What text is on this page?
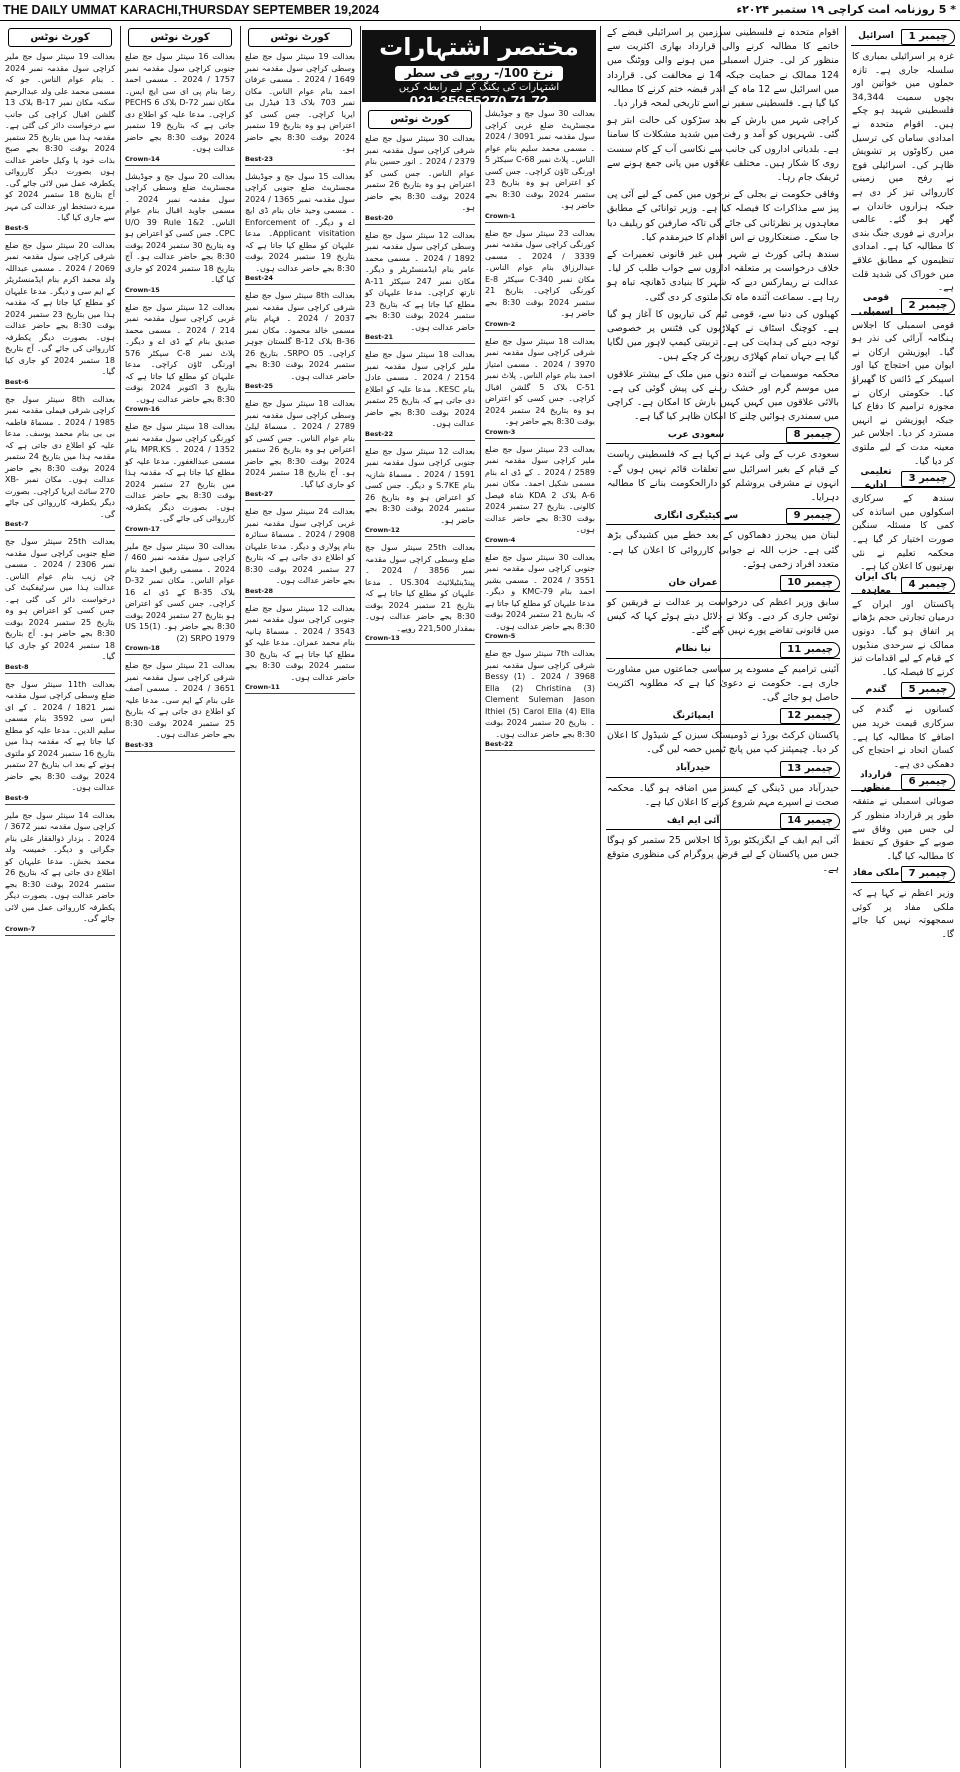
THE DAILY UMMAT KARACHI,THURSDAY SEPTEMBER 19,2024	* 5 روزنامہ امت کراچی ۱۹ ستمبر ۲۰۲۴ء
کورٹ نوٹس

بعدالت 19 سینئر سول جج ملیر کراچی سول مقدمہ نمبر 2024 ۔ بنام عوام الناس۔ جو کہ مسمی محمد علی ولد عبدالرحیم سکنہ مکان نمبر B-17 بلاک 13 گلشن اقبال کراچی کی جانب سے درخواست دائر کی گئی ہے۔ مقدمہ ہذا میں بتاریخ 25 ستمبر 2024 بوقت 8:30 بجے صبح بذات خود یا وکیل حاضر عدالت ہوں بصورت دیگر کارروائی یکطرفہ عمل میں لائی جائے گی۔ آج بتاریخ 18 ستمبر 2024 کو میرے دستخط اور عدالت کی مہر سے جاری کیا گیا۔

Best-5

بعدالت 20 سینئر سول جج ضلع شرقی کراچی سول مقدمہ نمبر 2069 / 2024 ۔ مسمی عبداللہ ولد محمد اکرم بنام ایڈمنسٹریٹر کے ایم سی و دیگر۔ مدعا علیہان کو مطلع کیا جاتا ہے کہ مقدمہ ہذا میں بتاریخ 23 ستمبر 2024 بوقت 8:30 بجے حاضر عدالت ہوں۔ بصورت دیگر یکطرفہ کارروائی کی جائے گی۔ آج بتاریخ 18 ستمبر 2024 کو جاری کیا گیا۔

Best-6

بعدالت 8th سینئر سول جج کراچی شرقی فیملی مقدمہ نمبر 1985 / 2024 ۔ مسماۃ فاطمہ بی بی بنام محمد یوسف۔ مدعا علیہ کو اطلاع دی جاتی ہے کہ مقدمہ ہذا میں بتاریخ 24 ستمبر 2024 بوقت 8:30 بجے حاضر عدالت ہوں۔ مکان نمبر XB-270 سائٹ ایریا کراچی۔ بصورت دیگر یکطرفہ کارروائی کی جائے گی۔

Best-7

بعدالت 25th سینئر سول جج ضلع جنوبی کراچی سول مقدمہ نمبر 2306 / 2024 ۔ مسمی چن زیب بنام عوام الناس۔ عدالت ہذا میں سرٹیفکیٹ کی درخواست دائر کی گئی ہے۔ جس کسی کو اعتراض ہو وہ بتاریخ 25 ستمبر 2024 بوقت 8:30 بجے حاضر ہو۔ آج بتاریخ 18 ستمبر 2024 کو جاری کیا گیا۔

Best-8

بعدالت 11th سینئر سول جج ضلع وسطی کراچی سول مقدمہ نمبر 1821 / 2024 ۔ کے ای ایس سی 3592 بنام مسمی سلیم الدین۔ مدعا علیہ کو مطلع کیا جاتا ہے کہ مقدمہ ہذا میں بتاریخ 16 ستمبر 2024 کو ملتوی ہونے کے بعد اب بتاریخ 27 ستمبر 2024 بوقت 8:30 بجے حاضر عدالت ہوں۔

Best-9

بعدالت 14 سینئر سول جج ملیر کراچی سول مقدمہ نمبر 3672 / 2024 ۔ بزدار ذوالفقار علی بنام جگرانی و دیگر۔ خمیسہ ولد محمد بخش۔ مدعا علیہان کو اطلاع دی جاتی ہے کہ بتاریخ 26 ستمبر 2024 بوقت 8:30 بجے حاضر عدالت ہوں۔ بصورت دیگر یکطرفہ کارروائی عمل میں لائی جائے گی۔

Crown-7
کورٹ نوٹس

بعدالت 16 سینئر سول جج ضلع جنوبی کراچی سول مقدمہ نمبر 1757 / 2024 ۔ مسمی احمد رضا بنام پی ای سی ایچ ایس۔ مکان نمبر 72-D بلاک 6 PECHS کراچی۔ مدعا علیہ کو اطلاع دی جاتی ہے کہ بتاریخ 19 ستمبر 2024 بوقت 8:30 بجے حاضر عدالت ہوں۔

Crown-14

بعدالت 20 سول جج و جوڈیشل مجسٹریٹ ضلع وسطی کراچی سول مقدمہ نمبر 2024 ۔ مسمی جاوید اقبال بنام عوام الناس۔ U/O 39 Rule 1&2 CPC۔ جس کسی کو اعتراض ہو وہ بتاریخ 30 ستمبر 2024 بوقت 8:30 بجے حاضر عدالت ہو۔ آج بتاریخ 18 ستمبر 2024 کو جاری کیا گیا۔

Crown-15

بعدالت 12 سینئر سول جج ضلع غربی کراچی سول مقدمہ نمبر 214 / 2024 ۔ مسمی محمد صدیق بنام کے ڈی اے و دیگر۔ پلاٹ نمبر C-8 سیکٹر 576 اورنگی ٹاؤن کراچی۔ مدعا علیہان کو مطلع کیا جاتا ہے کہ بتاریخ 3 اکتوبر 2024 بوقت 8:30 بجے حاضر عدالت ہوں۔

Crown-16

بعدالت 18 سینئر سول جج ضلع کورنگی کراچی سول مقدمہ نمبر 1352 / 2024 ۔ MPR.KS بنام مسمی عبدالغفور۔ مدعا علیہ کو مطلع کیا جاتا ہے کہ مقدمہ ہذا میں بتاریخ 27 ستمبر 2024 بوقت 8:30 بجے حاضر عدالت ہوں۔ بصورت دیگر یکطرفہ کارروائی کی جائے گی۔

Crown-17

بعدالت 30 سینئر سول جج ملیر کراچی سول مقدمہ نمبر 460 / 2024 ۔ مسمی رفیق احمد بنام عوام الناس۔ مکان نمبر 32-D بلاک B-35 کے ڈی اے 16 کراچی۔ جس کسی کو اعتراض ہو بتاریخ 27 ستمبر 2024 بوقت 8:30 بجے حاضر ہو۔ US 15(1)(2) SRPO 1979

Crown-18

بعدالت 21 سینئر سول جج ضلع شرقی کراچی سول مقدمہ نمبر 3651 / 2024 ۔ مسمی آصف علی بنام کے ایم سی۔ مدعا علیہ کو اطلاع دی جاتی ہے کہ بتاریخ 25 ستمبر 2024 بوقت 8:30 بجے حاضر عدالت ہوں۔

Best-33
کورٹ نوٹس

بعدالت 19 سینئر سول جج ضلع وسطی کراچی سول مقدمہ نمبر 1649 / 2024 ۔ مسمی عرفان احمد بنام عوام الناس۔ مکان نمبر 703 بلاک 13 فیڈرل بی ایریا کراچی۔ جس کسی کو اعتراض ہو وہ بتاریخ 19 ستمبر 2024 بوقت 8:30 بجے حاضر ہو۔

Best-23

بعدالت 15 سول جج و جوڈیشل مجسٹریٹ ضلع جنوبی کراچی سول مقدمہ نمبر 1365 / 2024 ۔ مسمی وحید خان بنام ڈی ایچ اے و دیگر۔ Enforcement of Applicant visitation۔ مدعا علیہان کو مطلع کیا جاتا ہے کہ بتاریخ 19 ستمبر 2024 بوقت 8:30 بجے حاضر عدالت ہوں۔

Best-24

بعدالت 8th سینئر سول جج ضلع شرقی کراچی سول مقدمہ نمبر 2037 / 2024 ۔ فہام بنام مسمی خالد محمود۔ مکان نمبر 36-B بلاک B-12 گلستان جوہر کراچی۔ SRPO 05۔ بتاریخ 26 ستمبر 2024 بوقت 8:30 بجے حاضر عدالت ہوں۔

Best-25

بعدالت 18 سینئر سول جج ضلع وسطی کراچی سول مقدمہ نمبر 2789 / 2024 ۔ مسماۃ لیلیٰ بنام عوام الناس۔ جس کسی کو اعتراض ہو وہ بتاریخ 26 ستمبر 2024 بوقت 8:30 بجے حاضر ہو۔ آج بتاریخ 18 ستمبر 2024 کو جاری کیا گیا۔

Best-27

بعدالت 24 سینئر سول جج ضلع غربی کراچی سول مقدمہ نمبر 2908 / 2024 ۔ مسماۃ سنائرہ بنام پولاری و دیگر۔ مدعا علیہان کو اطلاع دی جاتی ہے کہ بتاریخ 27 ستمبر 2024 بوقت 8:30 بجے حاضر عدالت ہوں۔

Best-28

بعدالت 12 سینئر سول جج ضلع جنوبی کراچی سول مقدمہ نمبر 3543 / 2024 ۔ مسماۃ ہانیہ بنام محمد عمران۔ مدعا علیہ کو مطلع کیا جاتا ہے کہ بتاریخ 30 ستمبر 2024 بوقت 8:30 بجے حاضر عدالت ہوں۔

Crown-11
کورٹ نوٹس

بعدالت 30 سینئر سول جج ضلع شرقی کراچی سول مقدمہ نمبر 2379 / 2024 ۔ انور حسین بنام عوام الناس۔ جس کسی کو اعتراض ہو وہ بتاریخ 26 ستمبر 2024 بوقت 8:30 بجے حاضر ہو۔

Best-20

بعدالت 12 سینئر سول جج ضلع وسطی کراچی سول مقدمہ نمبر 1892 / 2024 ۔ مسمی محمد عامر بنام ایڈمنسٹریٹر و دیگر۔ مکان نمبر 247 سیکٹر 11-A نارتھ کراچی۔ مدعا علیہان کو مطلع کیا جاتا ہے کہ بتاریخ 23 ستمبر 2024 بوقت 8:30 بجے حاضر عدالت ہوں۔

Best-21

بعدالت 18 سینئر سول جج ضلع ملیر کراچی سول مقدمہ نمبر 2154 / 2024 ۔ مسمی عادل بنام KESC۔ مدعا علیہ کو اطلاع دی جاتی ہے کہ بتاریخ 25 ستمبر 2024 بوقت 8:30 بجے حاضر عدالت ہوں۔

Best-22

بعدالت 12 سینئر سول جج ضلع جنوبی کراچی سول مقدمہ نمبر 1591 / 2024 ۔ مسماۃ شازیہ بنام S.7KE و دیگر۔ جس کسی کو اعتراض ہو وہ بتاریخ 26 ستمبر 2024 بوقت 8:30 بجے حاضر ہو۔

Crown-12

بعدالت 25th سینئر سول جج ضلع وسطی کراچی سول مقدمہ نمبر 3856 / 2024 ۔ پینڈینٹیلائیٹ US.304 ۔ مدعا علیہان کو مطلع کیا جاتا ہے کہ بتاریخ 21 ستمبر 2024 بوقت 8:30 بجے حاضر عدالت ہوں۔ بمقدار 221,500 روپے۔

Crown-13

بعدالت 30 سول جج و جوڈیشل مجسٹریٹ ضلع غربی کراچی سول مقدمہ نمبر 3091 / 2024 ۔ مسمی محمد سلیم بنام عوام الناس۔ پلاٹ نمبر C-68 سیکٹر 5 اورنگی ٹاؤن کراچی۔ جس کسی کو اعتراض ہو وہ بتاریخ 23 ستمبر 2024 بوقت 8:30 بجے حاضر ہو۔

Crown-1

بعدالت 23 سینئر سول جج ضلع کورنگی کراچی سول مقدمہ نمبر 3339 / 2024 ۔ مسمی عبدالرزاق بنام عوام الناس۔ مکان نمبر C-340 سیکٹر 8-E کورنگی کراچی۔ بتاریخ 21 ستمبر 2024 بوقت 8:30 بجے حاضر ہو۔

Crown-2

بعدالت 18 سینئر سول جج ضلع شرقی کراچی سول مقدمہ نمبر 3970 / 2024 ۔ مسمی امتیاز احمد بنام عوام الناس۔ پلاٹ نمبر 51-C بلاک 5 گلشن اقبال کراچی۔ جس کسی کو اعتراض ہو وہ بتاریخ 24 ستمبر 2024 بوقت 8:30 بجے حاضر ہو۔

Crown-3

بعدالت 23 سینئر سول جج ضلع ملیر کراچی سول مقدمہ نمبر 2589 / 2024 ۔ کے ڈی اے بنام مسمی شکیل احمد۔ مکان نمبر A-6 بلاک 2 KDA شاہ فیصل کالونی۔ بتاریخ 27 ستمبر 2024 بوقت 8:30 بجے حاضر عدالت ہوں۔

Crown-4

بعدالت 30 سینئر سول جج ضلع جنوبی کراچی سول مقدمہ نمبر 3551 / 2024 ۔ مسمی بشیر احمد بنام KMC-79 و دیگر۔ مدعا علیہان کو مطلع کیا جاتا ہے کہ بتاریخ 21 ستمبر 2024 بوقت 8:30 بجے حاضر عدالت ہوں۔

Crown-5

بعدالت 7th سینئر سول جج ضلع شرقی کراچی سول مقدمہ نمبر 3968 / 2024 ۔ (1) Bessy Ella (2) Christina (3) Clement Suleman Jason Ithiel (5) Carol Ella (4) Ella ۔ بتاریخ 20 ستمبر 2024 بوقت 8:30 بجے حاضر عدالت ہوں۔

Best-22
مختصر اشتہارات
نرخ 100/- روپے فی سطر
اشتہارات کی بکنگ کے لیے رابطہ کریں
021-35655270,71,72

اقوام متحدہ نے فلسطینی سرزمین پر اسرائیلی قبضے کے خاتمے کا مطالبہ کرنے والی قرارداد بھاری اکثریت سے منظور کر لی۔ جنرل اسمبلی میں ہونے والی ووٹنگ میں 124 ممالک نے حمایت جبکہ 14 نے مخالفت کی۔ قرارداد میں اسرائیل سے 12 ماہ کے اندر قبضہ ختم کرنے کا مطالبہ کیا گیا ہے۔ فلسطینی سفیر نے اسے تاریخی لمحہ قرار دیا۔

کراچی شہر میں بارش کے بعد سڑکوں کی حالت ابتر ہو گئی۔ شہریوں کو آمد و رفت میں شدید مشکلات کا سامنا ہے۔ بلدیاتی اداروں کی جانب سے نکاسی آب کے کام سست روی کا شکار ہیں۔ مختلف علاقوں میں پانی جمع ہونے سے ٹریفک جام رہا۔

وفاقی حکومت نے بجلی کے نرخوں میں کمی کے لیے آئی پی پیز سے مذاکرات کا فیصلہ کیا ہے۔ وزیر توانائی کے مطابق معاہدوں پر نظرثانی کی جائے گی تاکہ صارفین کو ریلیف دیا جا سکے۔ صنعتکاروں نے اس اقدام کا خیرمقدم کیا۔

سندھ ہائی کورٹ نے شہر میں غیر قانونی تعمیرات کے خلاف درخواست پر متعلقہ اداروں سے جواب طلب کر لیا۔ عدالت نے ریمارکس دیے کہ شہر کا بنیادی ڈھانچہ تباہ ہو رہا ہے۔ سماعت آئندہ ماہ تک ملتوی کر دی گئی۔

کھیلوں کی دنیا سے، قومی ٹیم کی تیاریوں کا آغاز ہو گیا ہے۔ کوچنگ اسٹاف نے کھلاڑیوں کی فٹنس پر خصوصی توجہ دینے کی ہدایت کی ہے۔ تربیتی کیمپ لاہور میں لگایا گیا ہے جہاں تمام کھلاڑی رپورٹ کر چکے ہیں۔

محکمہ موسمیات نے آئندہ دنوں میں ملک کے بیشتر علاقوں میں موسم گرم اور خشک رہنے کی پیش گوئی کی ہے۔ بالائی علاقوں میں کہیں کہیں بارش کا امکان ہے۔ کراچی میں سمندری ہوائیں چلنے کا امکان ظاہر کیا گیا ہے۔

چیمبر 8
سعودی عرب

سعودی عرب کے ولی عہد نے کہا ہے کہ فلسطینی ریاست کے قیام کے بغیر اسرائیل سے تعلقات قائم نہیں ہوں گے۔ انہوں نے مشرقی یروشلم کو دارالحکومت بنانے کا مطالبہ دہرایا۔

چیمبر 9
سے کیٹیگری انگاری

لبنان میں پیجرز دھماکوں کے بعد خطے میں کشیدگی بڑھ گئی ہے۔ حزب اللہ نے جوابی کارروائی کا اعلان کیا ہے۔ متعدد افراد زخمی ہوئے۔

چیمبر 10
عمران خان

سابق وزیر اعظم کی درخواست پر عدالت نے فریقین کو نوٹس جاری کر دیے۔ وکلا نے دلائل دیتے ہوئے کہا کہ کیس میں قانونی تقاضے پورے نہیں کیے گئے۔

چیمبر 11
نیا نظام

آئینی ترامیم کے مسودے پر سیاسی جماعتوں میں مشاورت جاری ہے۔ حکومت نے دعویٰ کیا ہے کہ مطلوبہ اکثریت حاصل ہو جائے گی۔

چیمبر 12
ایمپائرنگ

پاکستان کرکٹ بورڈ نے ڈومیسٹک سیزن کے شیڈول کا اعلان کر دیا۔ چیمپئنز کپ میں پانچ ٹیمیں حصہ لیں گی۔

چیمبر 13
حیدرآباد

حیدرآباد میں ڈینگی کے کیسز میں اضافہ ہو گیا۔ محکمہ صحت نے اسپرے مہم شروع کرنے کا اعلان کیا ہے۔

چیمبر 14
آئی ایم ایف

آئی ایم ایف کے ایگزیکٹو بورڈ کا اجلاس 25 ستمبر کو ہوگا جس میں پاکستان کے لیے قرض پروگرام کی منظوری متوقع ہے۔

چیمبر 1
اسرائیل

غزہ پر اسرائیلی بمباری کا سلسلہ جاری ہے۔ تازہ حملوں میں خواتین اور بچوں سمیت 34,344 فلسطینی شہید ہو چکے ہیں۔ اقوام متحدہ نے امدادی سامان کی ترسیل میں رکاوٹوں پر تشویش ظاہر کی۔ اسرائیلی فوج نے رفح میں زمینی کارروائی تیز کر دی ہے جبکہ ہزاروں خاندان بے گھر ہو گئے۔ عالمی برادری نے فوری جنگ بندی کا مطالبہ کیا ہے۔ امدادی تنظیموں کے مطابق علاقے میں خوراک کی شدید قلت ہے۔

چیمبر 2
قومی اسمبلی

قومی اسمبلی کا اجلاس ہنگامہ آرائی کی نذر ہو گیا۔ اپوزیشن ارکان نے ایوان میں احتجاج کیا اور اسپیکر کے ڈائس کا گھیراؤ کیا۔ حکومتی ارکان نے مجوزہ ترامیم کا دفاع کیا جبکہ اپوزیشن نے انہیں مسترد کر دیا۔ اجلاس غیر معینہ مدت کے لیے ملتوی کر دیا گیا۔

چیمبر 3
تعلیمی ادارے

سندھ کے سرکاری اسکولوں میں اساتذہ کی کمی کا مسئلہ سنگین صورت اختیار کر گیا ہے۔ محکمہ تعلیم نے نئی بھرتیوں کا اعلان کیا ہے۔

چیمبر 4
پاک ایران معاہدہ

پاکستان اور ایران کے درمیان تجارتی حجم بڑھانے پر اتفاق ہو گیا۔ دونوں ممالک نے سرحدی منڈیوں کے قیام کے لیے اقدامات تیز کرنے کا فیصلہ کیا۔

چیمبر 5
گندم

کسانوں نے گندم کی سرکاری قیمت خرید میں اضافے کا مطالبہ کیا ہے۔ کسان اتحاد نے احتجاج کی دھمکی دی ہے۔

چیمبر 6
قرارداد منظور

صوبائی اسمبلی نے متفقہ طور پر قرارداد منظور کر لی جس میں وفاق سے صوبے کے حقوق کے تحفظ کا مطالبہ کیا گیا۔

چیمبر 7
ملکی مفاد

وزیر اعظم نے کہا ہے کہ ملکی مفاد پر کوئی سمجھوتہ نہیں کیا جائے گا۔
